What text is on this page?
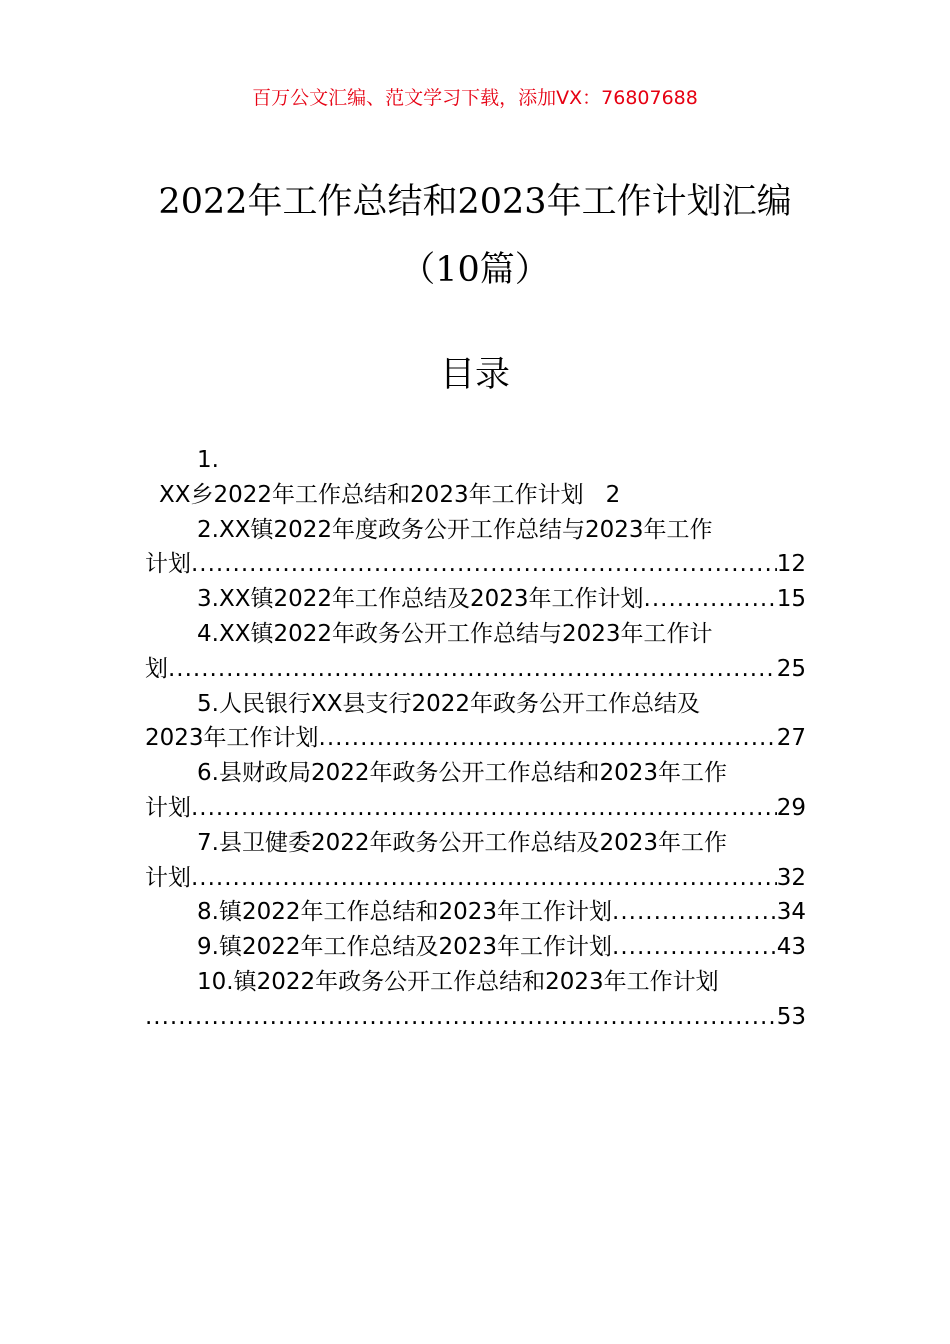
百万公文汇编、范文学习下载，添加VX：76807688
2022年工作总结和2023年工作计划汇编
（10篇）
目录
1.
XX乡2022年工作总结和2023年工作计划 2
2.XX镇2022年度政务公开工作总结与2023年工作
计划 .....	12
3.XX镇2022年工作总结及2023年工作计划 .....	15
4.XX镇2022年政务公开工作总结与2023年工作计
划 .....	25
5.人民银行XX县支行2022年政务公开工作总结及
2023年工作计划 .....	27
6.县财政局2022年政务公开工作总结和2023年工作
计划 .....	29
7.县卫健委2022年政务公开工作总结及2023年工作
计划 .....	32
8.镇2022年工作总结和2023年工作计划 .....	34
9.镇2022年工作总结及2023年工作计划 .....	43
10.镇2022年政务公开工作总结和2023年工作计划
.....
53
